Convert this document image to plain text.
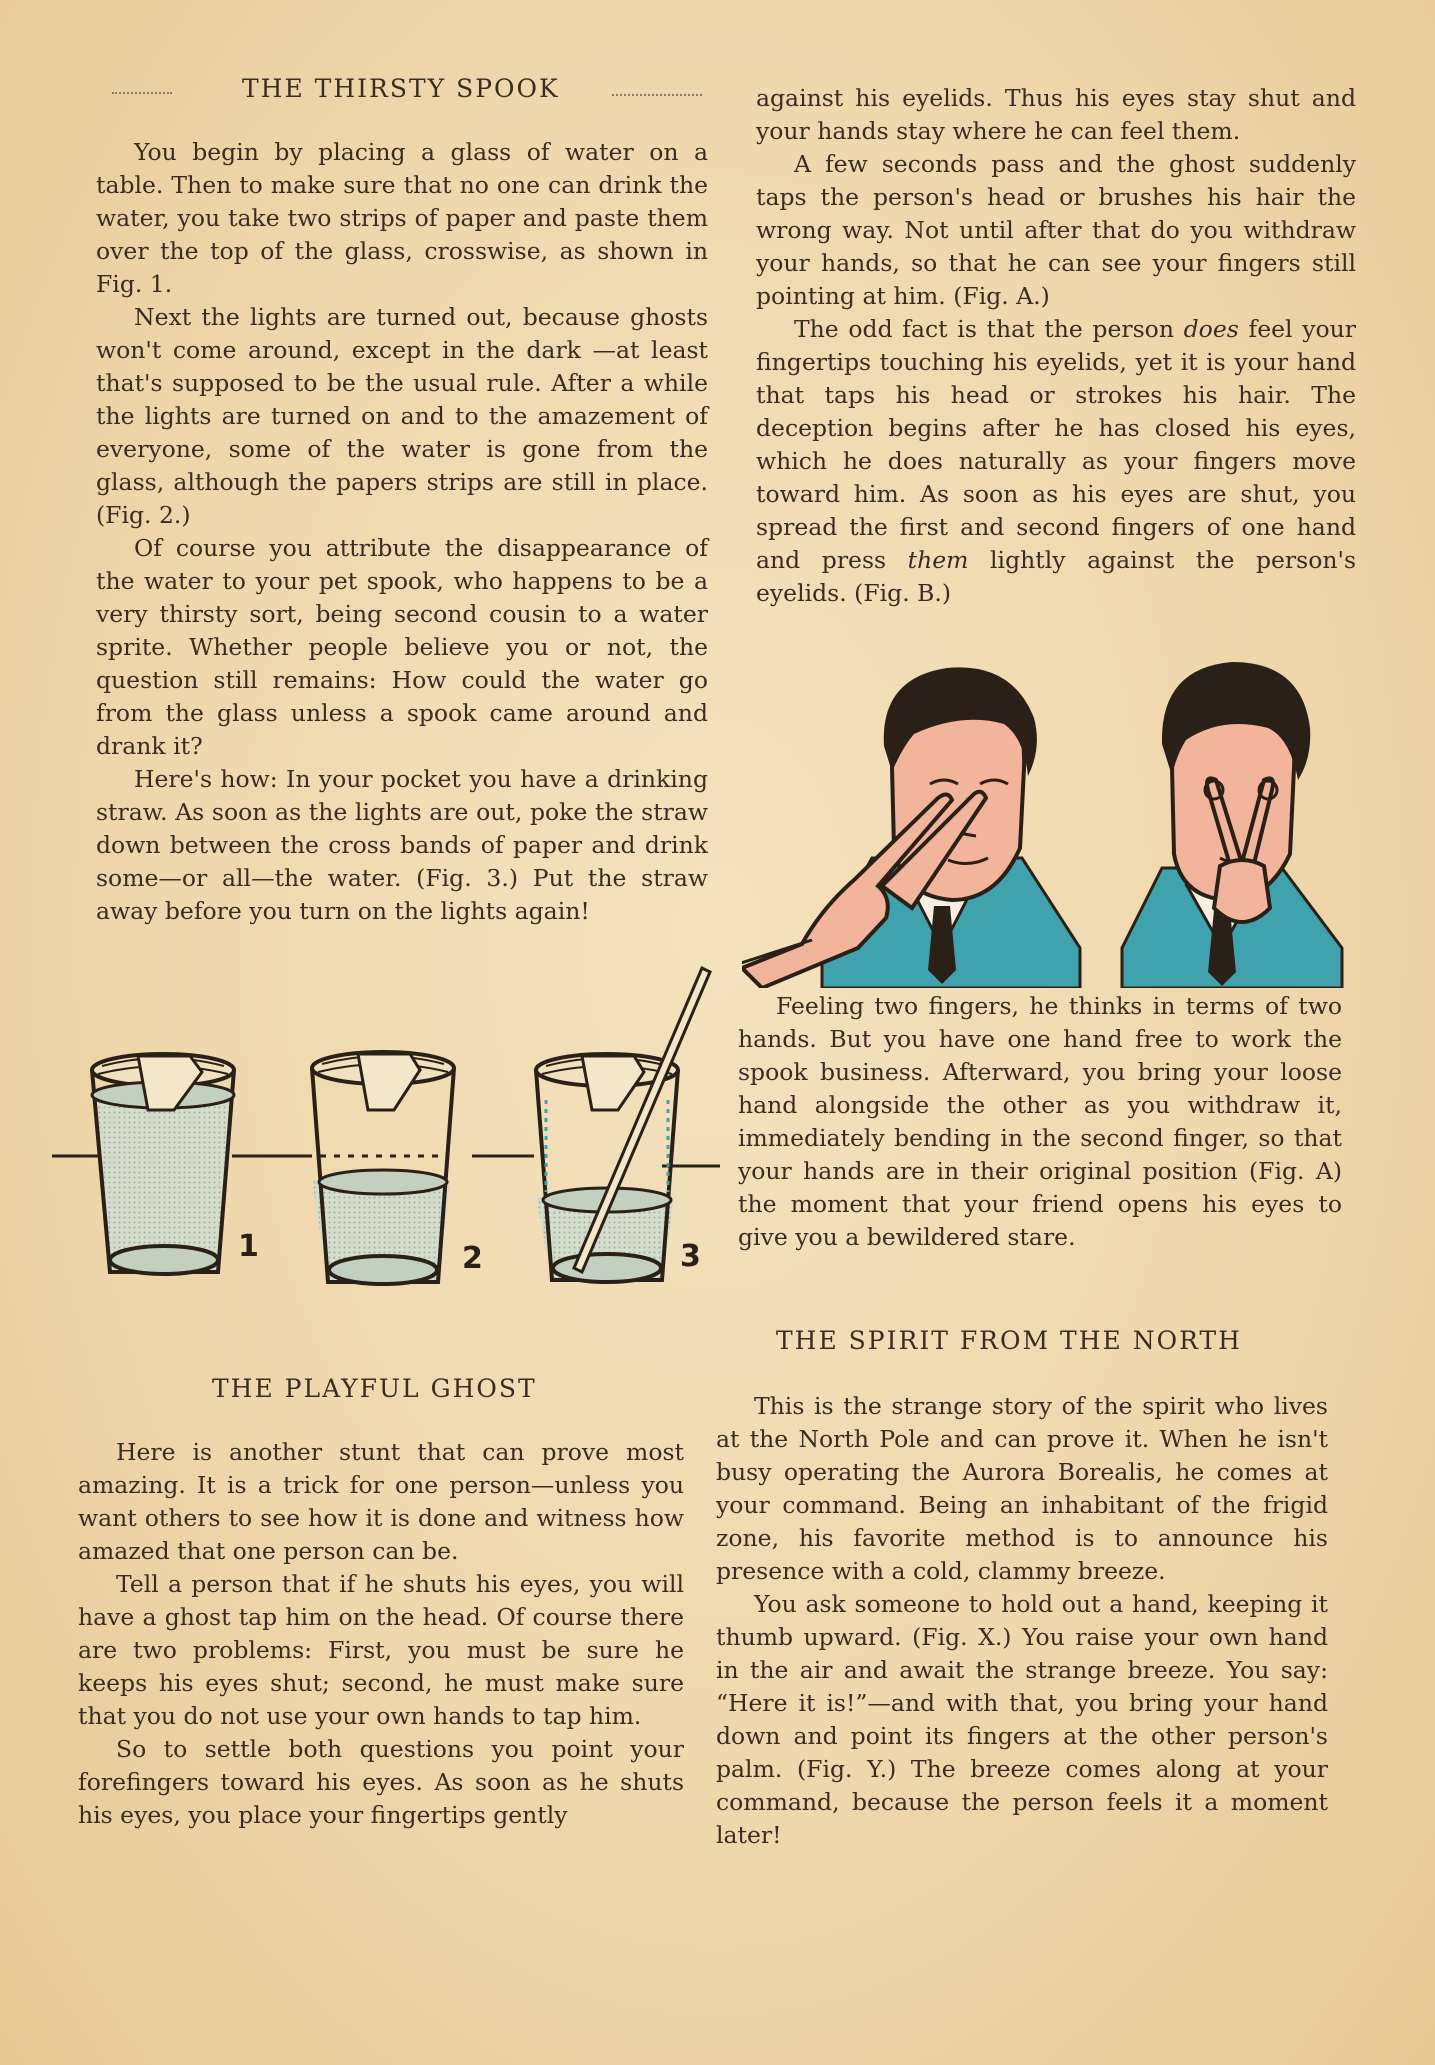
THE THIRSTY SPOOK

You begin by placing a glass of water on a table. Then to make sure that no one can drink the water, you take two strips of paper and paste them over the top of the glass, crosswise, as shown in Fig. 1.

Next the lights are turned out, because ghosts won't come around, except in the dark —at least that's supposed to be the usual rule. After a while the lights are turned on and to the amazement of everyone, some of the water is gone from the glass, although the papers strips are still in place. (Fig. 2.)

Of course you attribute the disappearance of the water to your pet spook, who happens to be a very thirsty sort, being second cousin to a water sprite. Whether people believe you or not, the question still remains: How could the water go from the glass unless a spook came around and drank it?

Here's how: In your pocket you have a drinking straw. As soon as the lights are out, poke the straw down between the cross bands of paper and drink some—or all—the water. (Fig. 3.) Put the straw away before you turn on the lights again!

1	2	3
THE PLAYFUL GHOST

Here is another stunt that can prove most amazing. It is a trick for one person—unless you want others to see how it is done and witness how amazed that one person can be.

Tell a person that if he shuts his eyes, you will have a ghost tap him on the head. Of course there are two problems: First, you must be sure he keeps his eyes shut; second, he must make sure that you do not use your own hands to tap him.

So to settle both questions you point your forefingers toward his eyes. As soon as he shuts his eyes, you place your fingertips gently

against his eyelids. Thus his eyes stay shut and your hands stay where he can feel them.

A few seconds pass and the ghost suddenly taps the person's head or brushes his hair the wrong way. Not until after that do you withdraw your hands, so that he can see your fingers still pointing at him. (Fig. A.)

The odd fact is that the person does feel your fingertips touching his eyelids, yet it is your hand that taps his head or strokes his hair. The deception begins after he has closed his eyes, which he does naturally as your fingers move toward him. As soon as his eyes are shut, you spread the first and second fingers of one hand and press them lightly against the person's eyelids. (Fig. B.)

Feeling two fingers, he thinks in terms of two hands. But you have one hand free to work the spook business. Afterward, you bring your loose hand alongside the other as you withdraw it, immediately bending in the second finger, so that your hands are in their original position (Fig. A) the moment that your friend opens his eyes to give you a bewildered stare.

THE SPIRIT FROM THE NORTH

This is the strange story of the spirit who lives at the North Pole and can prove it. When he isn't busy operating the Aurora Borealis, he comes at your command. Being an inhabitant of the frigid zone, his favorite method is to announce his presence with a cold, clammy breeze.

You ask someone to hold out a hand, keeping it thumb upward. (Fig. X.) You raise your own hand in the air and await the strange breeze. You say: “Here it is!”—and with that, you bring your hand down and point its fingers at the other person's palm. (Fig. Y.) The breeze comes along at your command, because the person feels it a moment later!
